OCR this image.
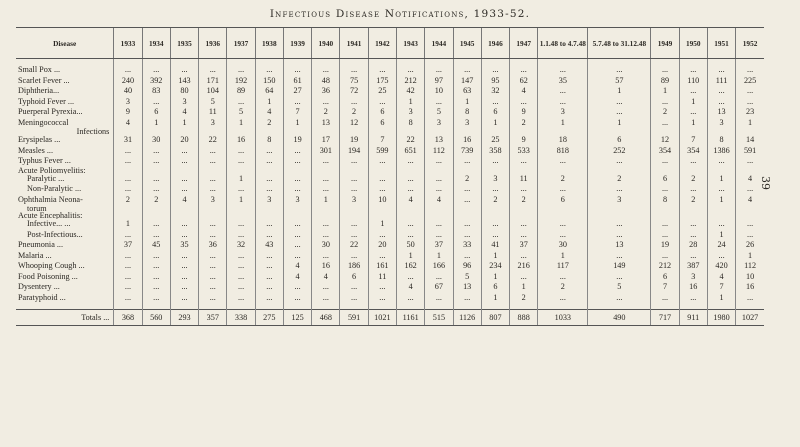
Infectious Disease Notifications, 1933-52.
39
Disease	1933	1934	1935	1936	1937	1938	1939	1940	1941	1942	1943	1944	1945	1946	1947	1.1.48 to 4.7.48	5.7.48 to 31.12.48	1949	1950	1951	1952

Small Pox ...	...	...	...	...	...	...	...	...	...	...	...	...	...	...	...	...	...	...	...	...	...
Scarlet Fever ...	240	392	143	171	192	150	61	48	75	175	212	97	147	95	62	35	57	89	110	111	225
Diphtheria...	40	83	80	104	89	64	27	36	72	25	42	10	63	32	4	...	1	1	...	...	...
Typhoid Fever ...	3	...	3	5	...	1	...	...	...	...	1	...	1	...	...	...	...	...	1	...	...
Puerperal Pyrexia...	9	6	4	11	5	4	7	2	2	6	3	5	8	6	9	3	...	2	...	13	23
Meningococcal	4	1	1	3	1	2	1	13	12	6	8	3	3	1	2	1	1	...	1	3	1
Infections																					
Erysipelas ...	31	30	20	22	16	8	19	17	19	7	22	13	16	25	9	18	6	12	7	8	14
Measles ...	...	...	...	...	...	...	...	301	194	599	651	112	739	358	533	818	252	354	354	1386	591
Typhus Fever ...	...	...	...	...	...	...	...	...	...	...	...	...	...	...	...	...	...	...	...	...	...
Acute Poliomyelitis:																					
Paralytic ...	...	...	...	...	1	...	...	...	...	...	...	...	2	3	11	2	2	6	2	1	4
Non-Paralytic ...	...	...	...	...	...	...	...	...	...	...	...	...	...	...	...	...	...	...	...	...	...
Ophthalmia Neona-	2	2	4	3	1	3	3	1	3	10	4	4	...	2	2	6	3	8	2	1	4
torum																					
Acute Encephalitis:																					
Infective... ...	1	...	...	...	...	...	...	...	...	1	...	...	...	...	...	...	...	...	...	...	...
Post-Infectious...	...	...	...	...	...	...	...	...	...	...	...	...	...	...	...	...	...	...	...	1	...
Pneumonia ...	37	45	35	36	32	43	...	30	22	20	50	37	33	41	37	30	13	19	28	24	26
Malaria ...	...	...	...	...	...	...	...	...	...	...	1	1	...	1	...	1	...	...	...	...	1
Whooping Cough ...	...	...	...	...	...	...	4	16	186	161	162	166	96	234	216	117	149	212	387	420	112
Food Poisoning ...	...	...	...	...	...	...	4	4	6	11	...	...	5	1	...	...	...	6	3	4	10
Dysentery ...	...	...	...	...	...	...	...	...	...	...	4	67	13	6	1	2	5	7	16	7	16
Paratyphoid ...	...	...	...	...	...	...	...	...	...	...	...	...	...	1	2	...	...	...	...	1	...

Totals ...	368	560	293	357	338	275	125	468	591	1021	1161	515	1126	807	888	1033	490	717	911	1980	1027
